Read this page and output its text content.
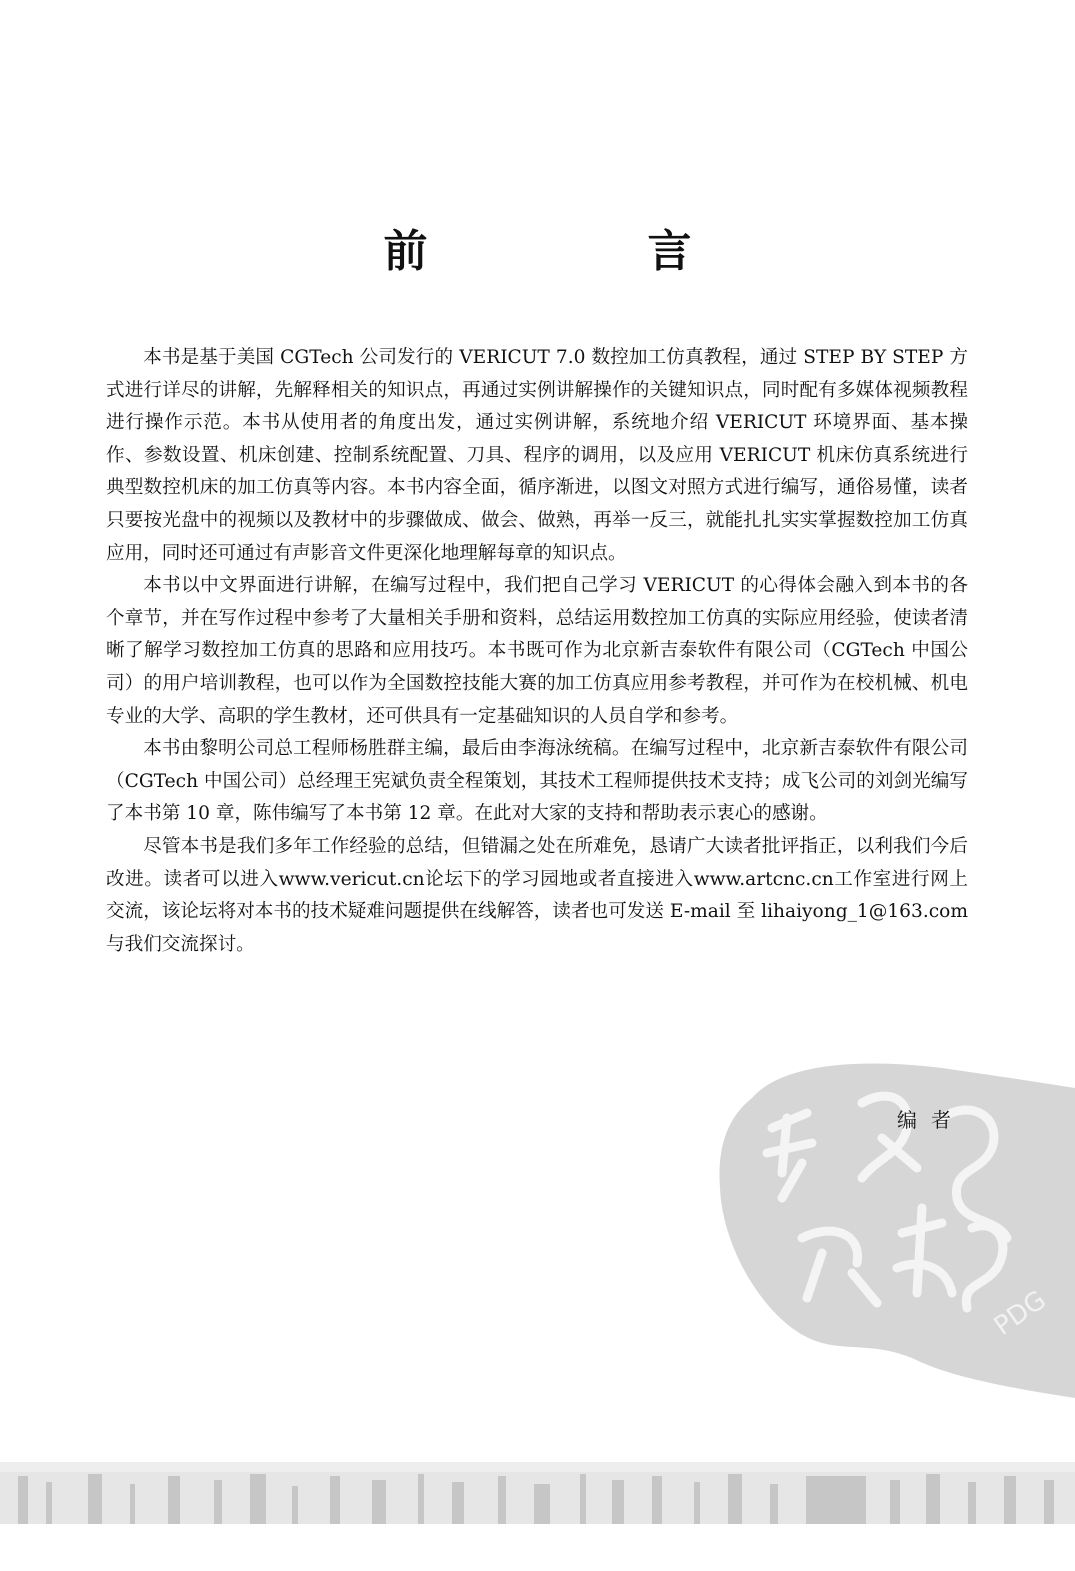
前　言

本书是基于美国 CGTech 公司发行的 VERICUT 7.0 数控加工仿真教程，通过 STEP BY STEP 方式进行详尽的讲解，先解释相关的知识点，再通过实例讲解操作的关键知识点，同时配有多媒体视频教程进行操作示范。本书从使用者的角度出发，通过实例讲解，系统地介绍 VERICUT 环境界面、基本操作、参数设置、机床创建、控制系统配置、刀具、程序的调用，以及应用 VERICUT 机床仿真系统进行典型数控机床的加工仿真等内容。本书内容全面，循序渐进，以图文对照方式进行编写，通俗易懂，读者只要按光盘中的视频以及教材中的步骤做成、做会、做熟，再举一反三，就能扎扎实实掌握数控加工仿真应用，同时还可通过有声影音文件更深化地理解每章的知识点。

本书以中文界面进行讲解，在编写过程中，我们把自己学习 VERICUT 的心得体会融入到本书的各个章节，并在写作过程中参考了大量相关手册和资料，总结运用数控加工仿真的实际应用经验，使读者清晰了解学习数控加工仿真的思路和应用技巧。本书既可作为北京新吉泰软件有限公司（CGTech 中国公司）的用户培训教程，也可以作为全国数控技能大赛的加工仿真应用参考教程，并可作为在校机械、机电专业的大学、高职的学生教材，还可供具有一定基础知识的人员自学和参考。

本书由黎明公司总工程师杨胜群主编，最后由李海泳统稿。在编写过程中，北京新吉泰软件有限公司（CGTech 中国公司）总经理王宪斌负责全程策划，其技术工程师提供技术支持；成飞公司的刘剑光编写了本书第 10 章，陈伟编写了本书第 12 章。在此对大家的支持和帮助表示衷心的感谢。

尽管本书是我们多年工作经验的总结，但错漏之处在所难免，恳请广大读者批评指正，以利我们今后改进。读者可以进入www.vericut.cn论坛下的学习园地或者直接进入www.artcnc.cn工作室进行网上交流，该论坛将对本书的技术疑难问题提供在线解答，读者也可发送 E-mail 至 lihaiyong_1@163.com 与我们交流探讨。

PDG
编者
